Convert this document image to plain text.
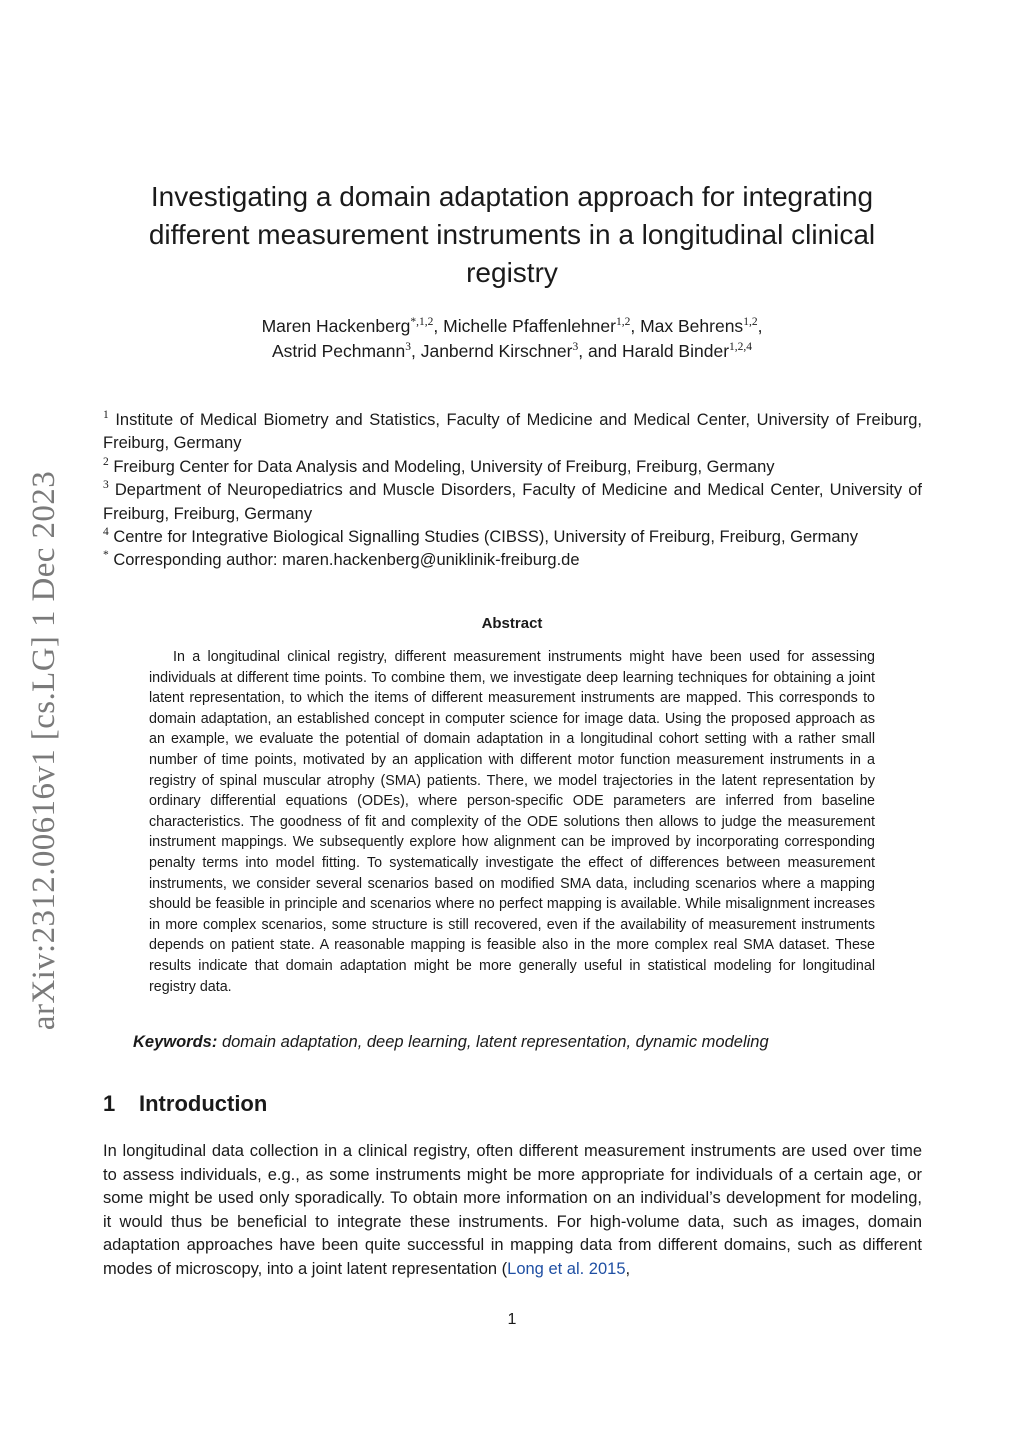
arXiv:2312.00616v1 [cs.LG] 1 Dec 2023
Investigating a domain adaptation approach for integrating different measurement instruments in a longitudinal clinical registry
Maren Hackenberg$^{*,1,2}$, Michelle Pfaffenlehner$^{1,2}$, Max Behrens$^{1,2}$,
Astrid Pechmann$^3$, Janbernd Kirschner$^3$, and Harald Binder$^{1,2,4}$
$^1$ Institute of Medical Biometry and Statistics, Faculty of Medicine and Medical Center, University of Freiburg, Freiburg, Germany
$^2$ Freiburg Center for Data Analysis and Modeling, University of Freiburg, Freiburg, Germany
$^3$ Department of Neuropediatrics and Muscle Disorders, Faculty of Medicine and Medical Center, University of Freiburg, Freiburg, Germany
$^4$ Centre for Integrative Biological Signalling Studies (CIBSS), University of Freiburg, Freiburg, Germany
* Corresponding author: maren.hackenberg@uniklinik-freiburg.de
Abstract

In a longitudinal clinical registry, different measurement instruments might have been used for assessing individuals at different time points. To combine them, we investigate deep learning techniques for obtaining a joint latent representation, to which the items of different measurement instruments are mapped. This corresponds to domain adaptation, an established concept in computer science for image data. Using the proposed approach as an example, we evaluate the potential of domain adaptation in a longitudinal cohort setting with a rather small number of time points, motivated by an application with different motor function measurement instruments in a registry of spinal muscular atrophy (SMA) patients. There, we model trajectories in the latent representation by ordinary differential equations (ODEs), where person-specific ODE parameters are inferred from baseline characteristics. The goodness of fit and complexity of the ODE solutions then allows to judge the measurement instrument mappings. We subsequently explore how alignment can be improved by incorporating corresponding penalty terms into model fitting. To systematically investigate the effect of differences between measurement instruments, we consider several scenarios based on modified SMA data, including scenarios where a mapping should be feasible in principle and scenarios where no perfect mapping is available. While misalignment increases in more complex scenarios, some structure is still recovered, even if the availability of measurement instruments depends on patient state. A reasonable mapping is feasible also in the more complex real SMA dataset. These results indicate that domain adaptation might be more generally useful in statistical modeling for longitudinal registry data.

Keywords: domain adaptation, deep learning, latent representation, dynamic modeling
1 Introduction

In longitudinal data collection in a clinical registry, often different measurement instruments are used over time to assess individuals, e.g., as some instruments might be more appropriate for individuals of a certain age, or some might be used only sporadically. To obtain more information on an individual’s development for modeling, it would thus be beneficial to integrate these instruments. For high-volume data, such as images, domain adaptation approaches have been quite successful in mapping data from different domains, such as different modes of microscopy, into a joint latent representation (Long et al. 2015,

1
